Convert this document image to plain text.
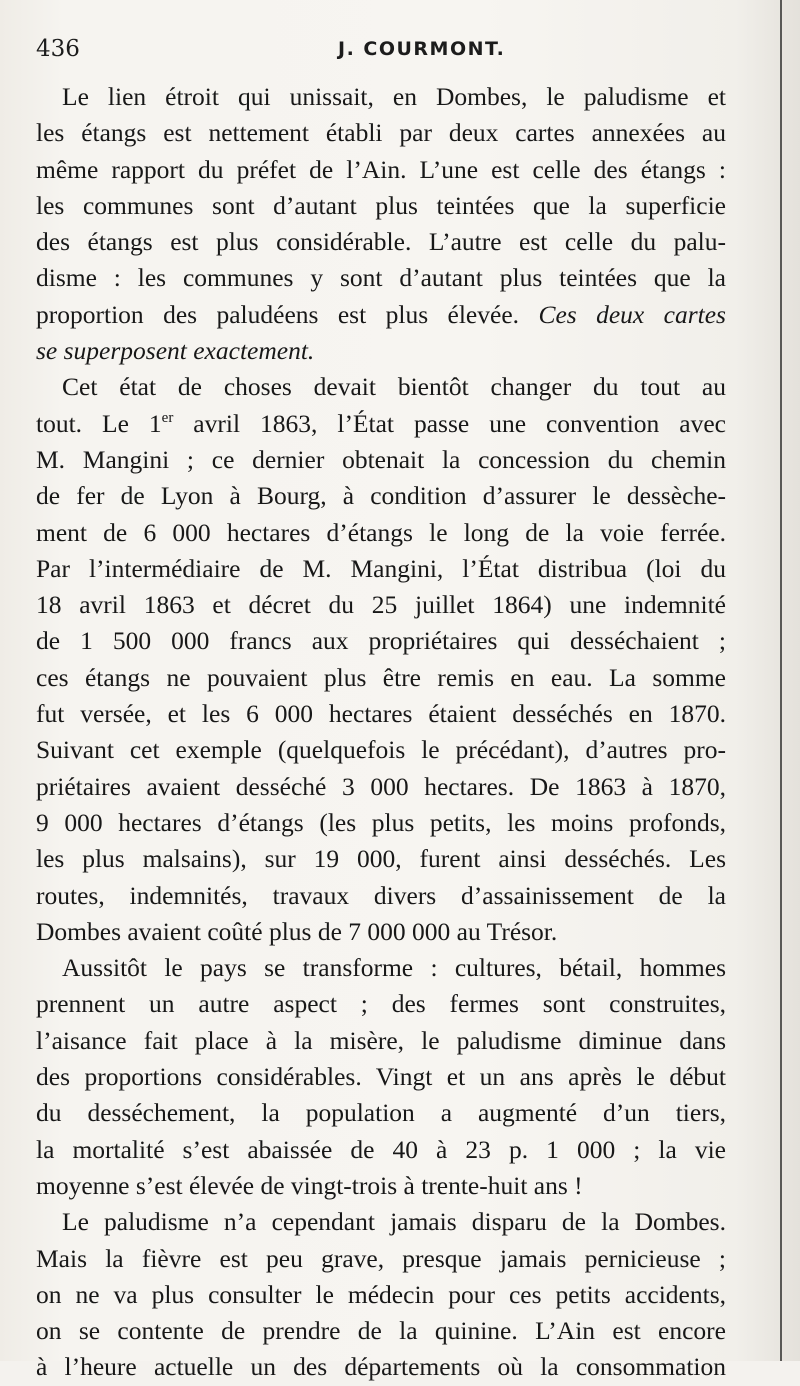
436	J. COURMONT.
Le lien étroit qui unissait, en Dombes, le paludisme et
les étangs est nettement établi par deux cartes annexées au
même rapport du préfet de l’Ain. L’une est celle des étangs :
les communes sont d’autant plus teintées que la superficie
des étangs est plus considérable. L’autre est celle du palu-
disme : les communes y sont d’autant plus teintées que la
proportion des paludéens est plus élevée. Ces deux cartes
se superposent exactement.
Cet état de choses devait bientôt changer du tout au
tout. Le 1er avril 1863, l’État passe une convention avec
M. Mangini ; ce dernier obtenait la concession du chemin
de fer de Lyon à Bourg, à condition d’assurer le dessèche-
ment de 6 000 hectares d’étangs le long de la voie ferrée.
Par l’intermédiaire de M. Mangini, l’État distribua (loi du
18 avril 1863 et décret du 25 juillet 1864) une indemnité
de 1 500 000 francs aux propriétaires qui desséchaient ;
ces étangs ne pouvaient plus être remis en eau. La somme
fut versée, et les 6 000 hectares étaient desséchés en 1870.
Suivant cet exemple (quelquefois le précédant), d’autres pro-
priétaires avaient desséché 3 000 hectares. De 1863 à 1870,
9 000 hectares d’étangs (les plus petits, les moins profonds,
les plus malsains), sur 19 000, furent ainsi desséchés. Les
routes, indemnités, travaux divers d’assainissement de la
Dombes avaient coûté plus de 7 000 000 au Trésor.
Aussitôt le pays se transforme : cultures, bétail, hommes
prennent un autre aspect ; des fermes sont construites,
l’aisance fait place à la misère, le paludisme diminue dans
des proportions considérables. Vingt et un ans après le début
du desséchement, la population a augmenté d’un tiers,
la mortalité s’est abaissée de 40 à 23 p. 1 000 ; la vie
moyenne s’est élevée de vingt-trois à trente-huit ans !
Le paludisme n’a cependant jamais disparu de la Dombes.
Mais la fièvre est peu grave, presque jamais pernicieuse ;
on ne va plus consulter le médecin pour ces petits accidents,
on se contente de prendre de la quinine. L’Ain est encore
à l’heure actuelle un des départements où la consommation
